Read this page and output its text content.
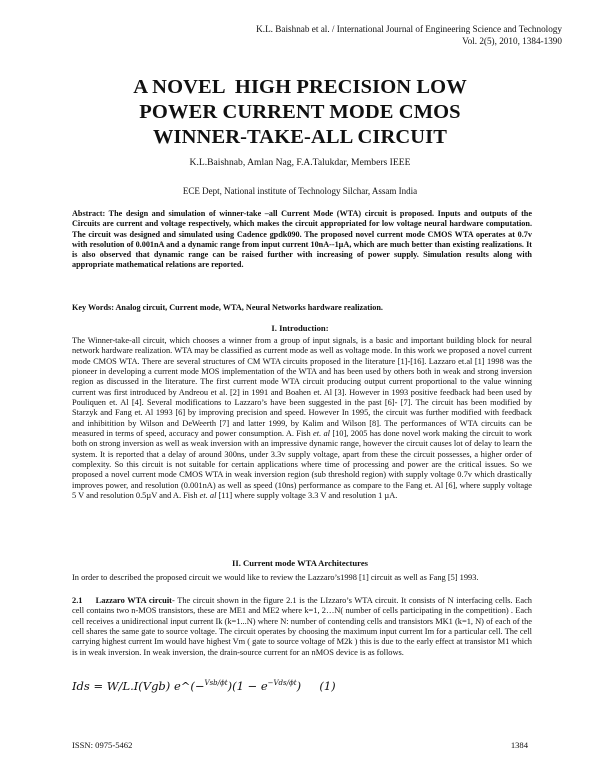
K.L. Baishnab et al. / International Journal of Engineering Science and Technology
Vol. 2(5), 2010, 1384-1390
A NOVEL  HIGH PRECISION LOW
POWER CURRENT MODE CMOS
WINNER-TAKE-ALL CIRCUIT
K.L.Baishnab, Amlan Nag, F.A.Talukdar, Members IEEE
ECE Dept, National institute of Technology Silchar, Assam India
Abstract: The design and simulation of winner-take –all Current Mode (WTA) circuit is proposed. Inputs and outputs of the Circuits are current and voltage respectively, which makes the circuit appropriated for low voltage neural hardware computation. The circuit was designed and simulated using Cadence gpdk090. The proposed novel current mode CMOS WTA operates at 0.7v with resolution of 0.001nA and a dynamic range from input current 10nA--1µA, which are much better than existing realizations. It is also observed that dynamic range can be raised further with increasing of power supply. Simulation results along with appropriate mathematical relations are reported.
Key Words: Analog circuit, Current mode, WTA, Neural Networks hardware realization.
I. Introduction:
The Winner-take-all circuit, which chooses a winner from a group of input signals, is a basic and important building block for neural network hardware realization. WTA may be classified as current mode as well as voltage mode. In this work we proposed a novel current mode CMOS WTA. There are several structures of CM WTA circuits proposed in the literature [1]-[16]. Lazzaro et.al [1] 1998 was the pioneer in developing a current mode MOS implementation of the WTA and has been used by others both in weak and strong inversion region as discussed in the literature. The first current mode WTA circuit producing output current proportional to the value winning current was first introduced by Andreou et al. [2] in 1991 and Boahen et. Al [3]. However in 1993 positive feedback had been used by Pouliquen et. Al [4]. Several modifications to Lazzaro’s have been suggested in the past [6]- [7]. The circuit has been modified by Starzyk and Fang et. Al 1993 [6] by improving precision and speed. However In 1995, the circuit was further modified with feedback and inhibitition by Wilson and DeWeerth [7] and latter 1999, by Kalim and Wilson [8]. The performances of WTA circuits can be measured in terms of speed, accuracy and power consumption. A. Fish et. al [10], 2005 has done novel work making the circuit to work both on strong inversion as well as weak inversion with an impressive dynamic range, however the circuit causes lot of delay to learn the system. It is reported that a delay of around 300ns, under 3.3v supply voltage, apart from these the circuit possesses, a higher order of complexity. So this circuit is not suitable for certain applications where time of processing and power are the critical issues. So we proposed a novel current mode CMOS WTA in weak inversion region (sub threshold region) with supply voltage 0.7v which drastically improves power, and resolution (0.001nA) as well as speed (10ns) performance as compare to the Fang et. Al [6], where supply voltage 5 V and resolution 0.5µV and A. Fish et. al [11] where supply voltage 3.3 V and resolution 1 µA.
II. Current mode WTA Architectures
In order to described the proposed circuit we would like to review the Lazzaro’s1998 [1] circuit as well as Fang [5] 1993.
2.1     Lazzaro WTA circuit- The circuit shown in the figure 2.1 is the LIzzaro’s WTA circuit. It consists of N interfacing cells. Each cell contains two n-MOS transistors, these are ME1 and ME2 where k=1, 2…N( number of cells participating in the competition) . Each cell receives a unidirectional input current Ik (k=1...N) where N: number of contending cells and transistors MK1 (k=1, N) of each of the cell shares the same gate to source voltage. The circuit operates by choosing the maximum input current Im for a particular cell. The cell carrying highest current Im would have highest Vm ( gate to source voltage of M2k ) this is due to the early effect at transistor M1 which is in weak inversion. In weak inversion, the drain-source current for an nMOS device is as follows.
Ids = W/L.I(Vgb) e^(−$^{Vsb/\phi t}$)(1 − $e^{-Vds/\phi t}$)     (1)
ISSN: 0975-5462	1384
